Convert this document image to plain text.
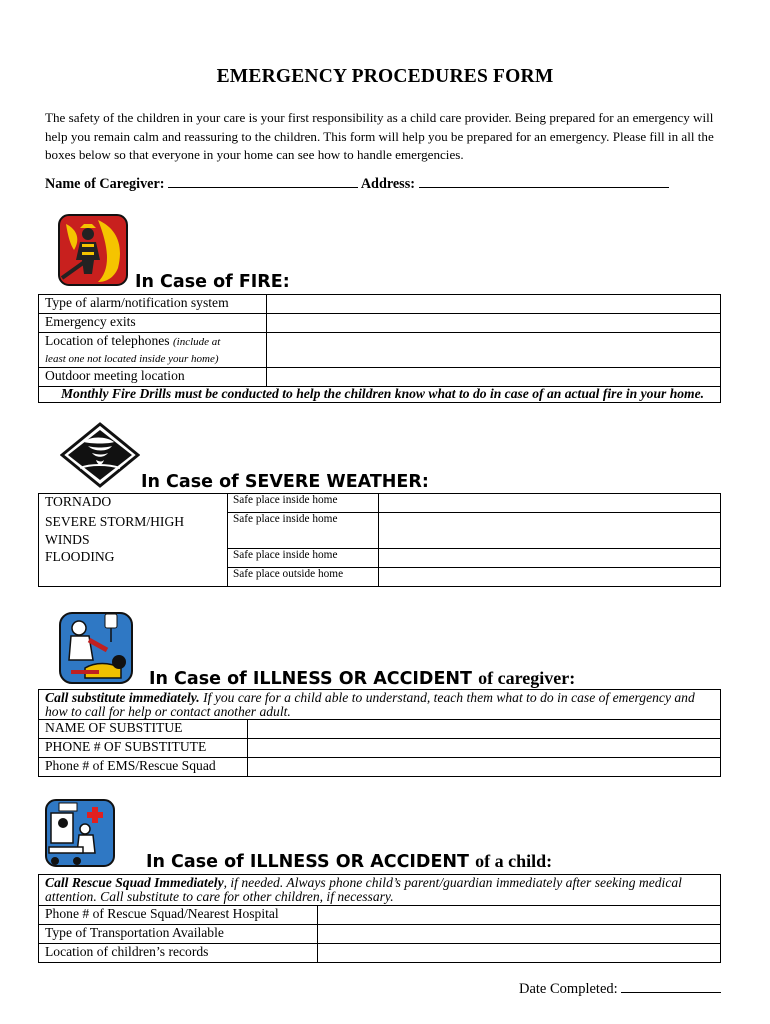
EMERGENCY PROCEDURES FORM

The safety of the children in your care is your first responsibility as a child care provider. Being prepared for an emergency will help you remain calm and reassuring to the children. This form will help you be prepared for an emergency. Please fill in all the boxes below so that everyone in your home can see how to handle emergencies.

Name of Caregiver:	Address:
In Case of FIRE:
Type of alarm/notification system	
Emergency exits	
Location of telephones (include at
least one not located inside your home)	
Outdoor meeting location	
Monthly Fire Drills must be conducted to help the children know what to do in case of an actual fire in your home.	
In Case of SEVERE WEATHER:
TORNADO	Safe place inside home	
SEVERE STORM/HIGH WINDS	Safe place inside home	
FLOODING	Safe place inside home	
	Safe place outside home	
In Case of ILLNESS OR ACCIDENT of caregiver:
Call substitute immediately. If you care for a child able to understand, teach them what to do in case of emergency and how to call for help or contact another adult.	
NAME OF SUBSTITUE	
PHONE # OF SUBSTITUTE	
Phone # of EMS/Rescue Squad	
In Case of ILLNESS OR ACCIDENT of a child:
Call Rescue Squad Immediately, if needed. Always phone child’s parent/guardian immediately after seeking medical attention. Call substitute to care for other children, if necessary.	
Phone # of Rescue Squad/Nearest Hospital	
Type of Transportation Available	
Location of children’s records	
Date Completed:
